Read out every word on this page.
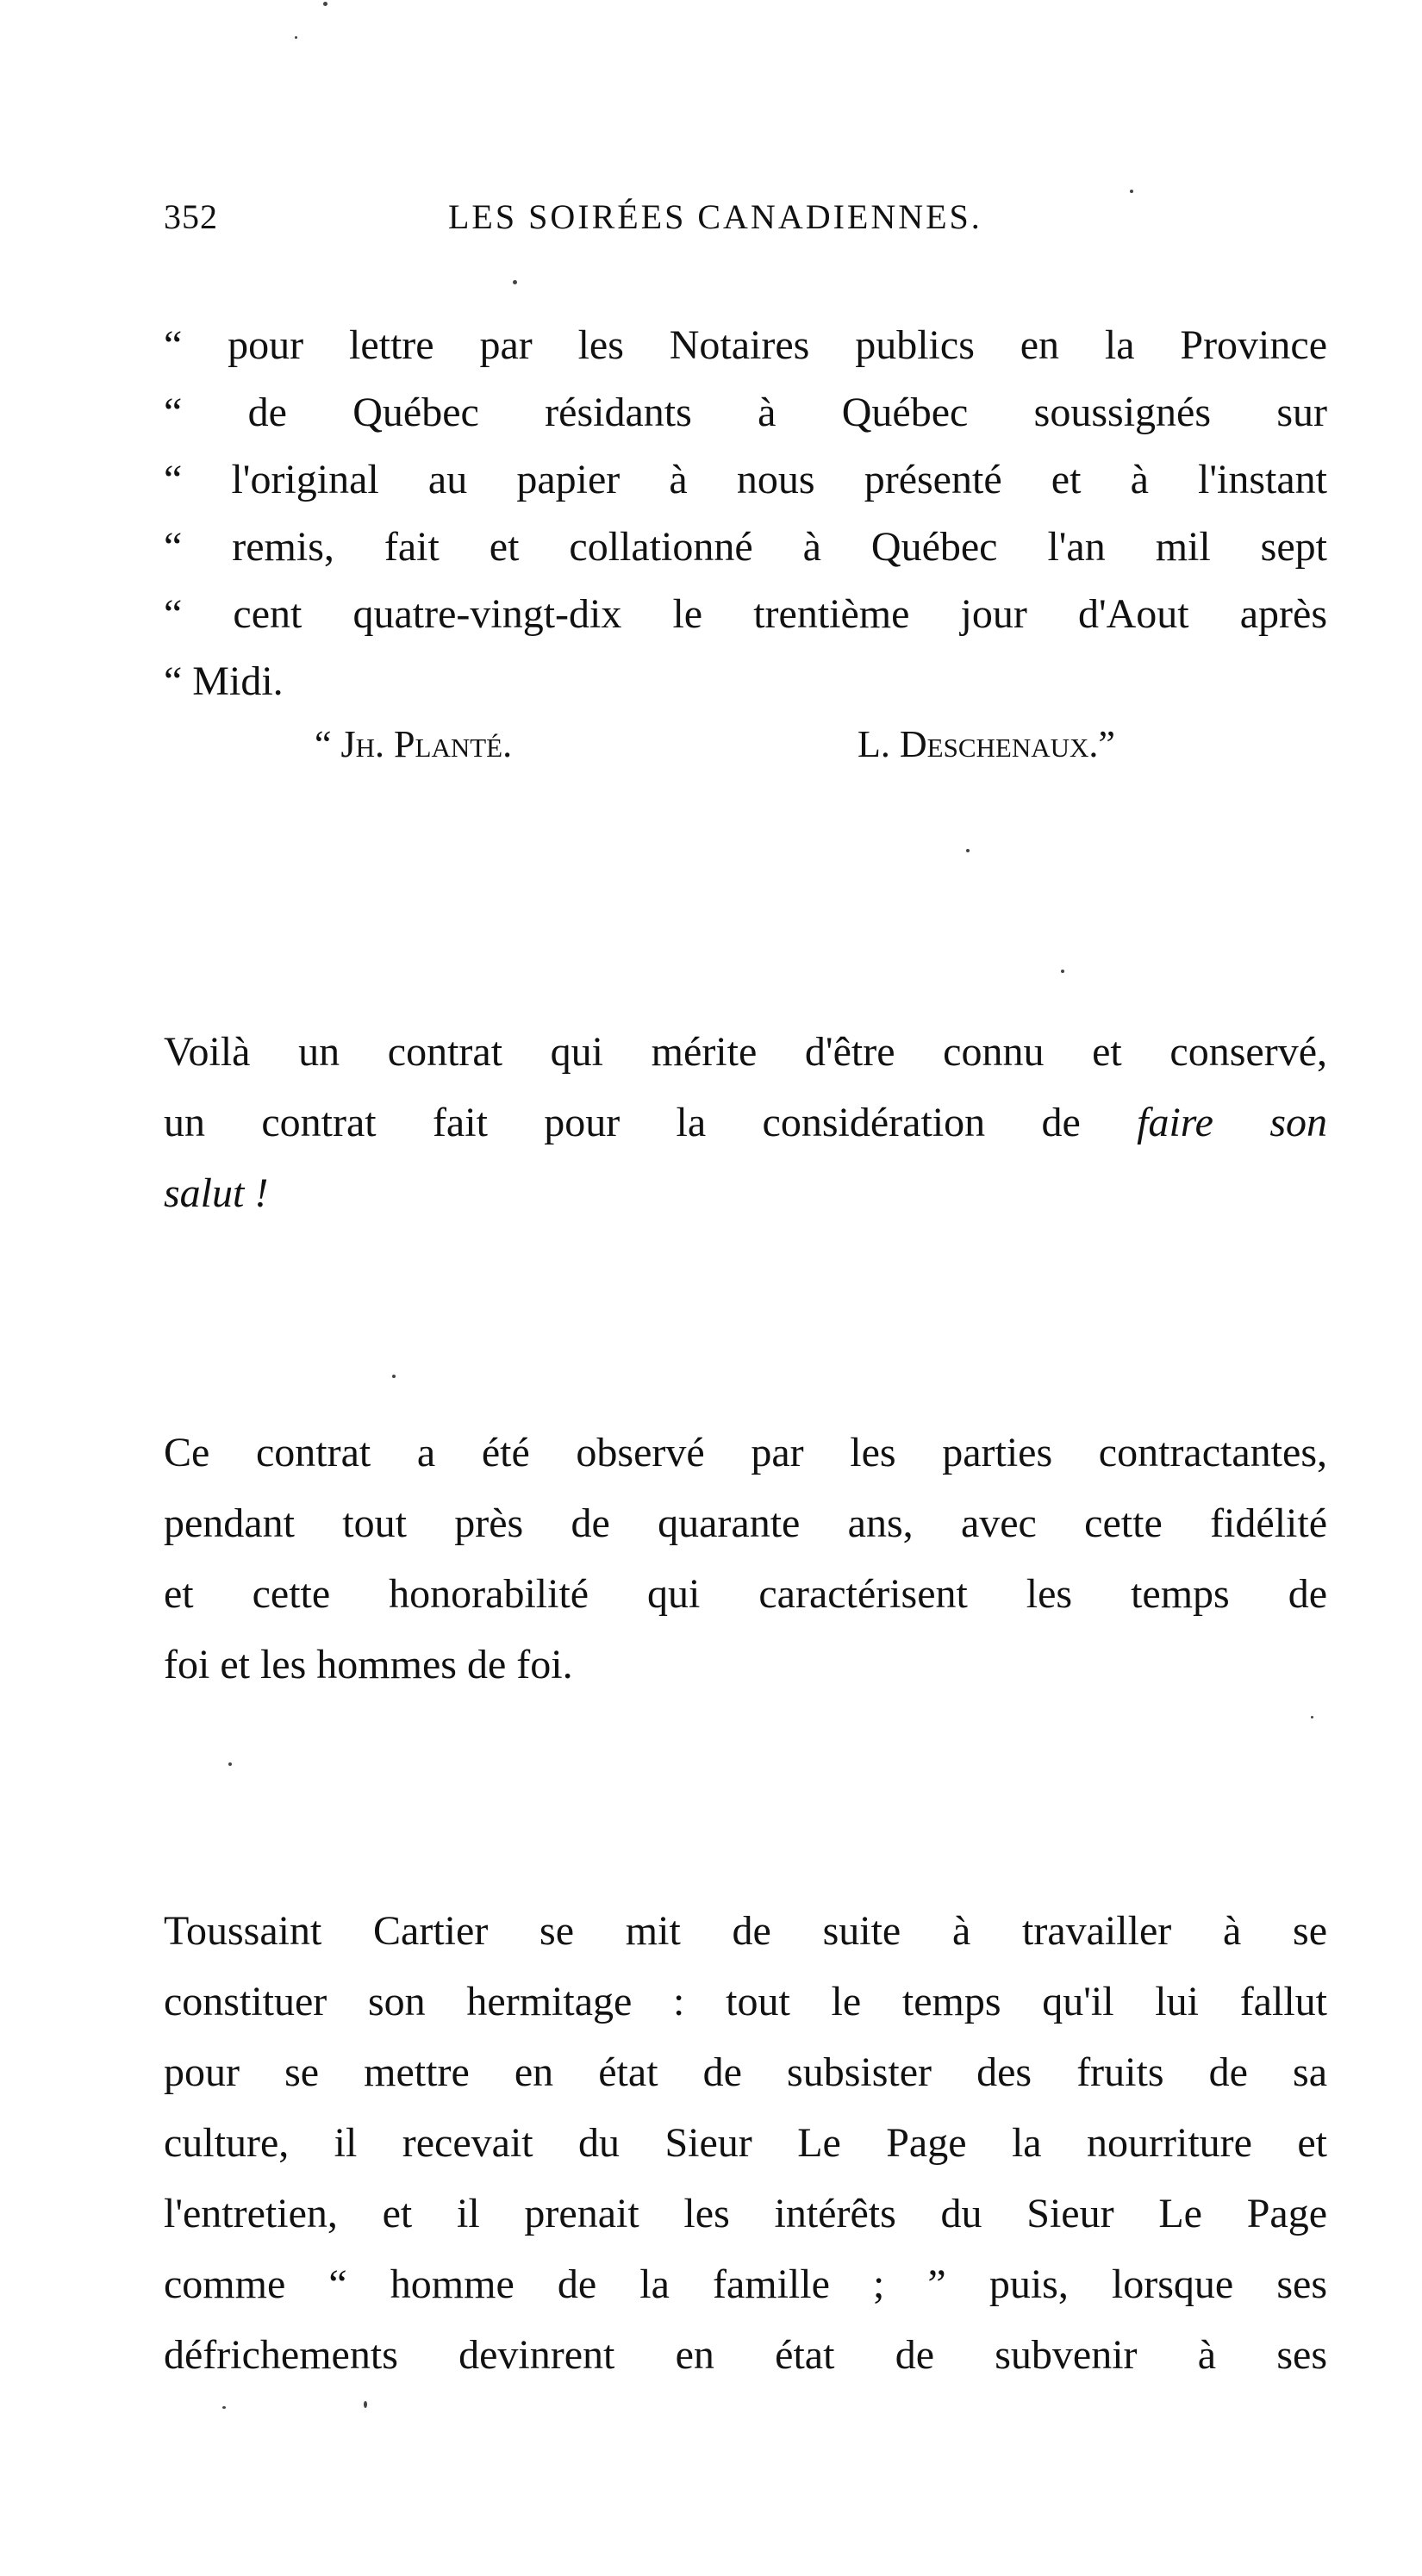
352	LES SOIRÉES CANADIENNES.
“ pour lettre par les Notaires publics en la Province
“ de Québec résidants à Québec soussignés sur
“ l'original au papier à nous présenté et à l'instant
“ remis, fait et collationné à Québec l'an mil sept
“ cent quatre-vingt-dix le trentième jour d'Aout après
“ Midi.
“ Jh. Planté.	L. Deschenaux.”
Voilà un contrat qui mérite d'être connu et conservé,
un contrat fait pour la considération de faire son
salut !
Ce contrat a été observé par les parties contractantes,
pendant tout près de quarante ans, avec cette fidélité
et cette honorabilité qui caractérisent les temps de
foi et les hommes de foi.
Toussaint Cartier se mit de suite à travailler à se
constituer son hermitage : tout le temps qu'il lui fallut
pour se mettre en état de subsister des fruits de sa
culture, il recevait du Sieur Le Page la nourriture et
l'entretien, et il prenait les intérêts du Sieur Le Page
comme “ homme de la famille ; ” puis, lorsque ses
défrichements devinrent en état de subvenir à ses
